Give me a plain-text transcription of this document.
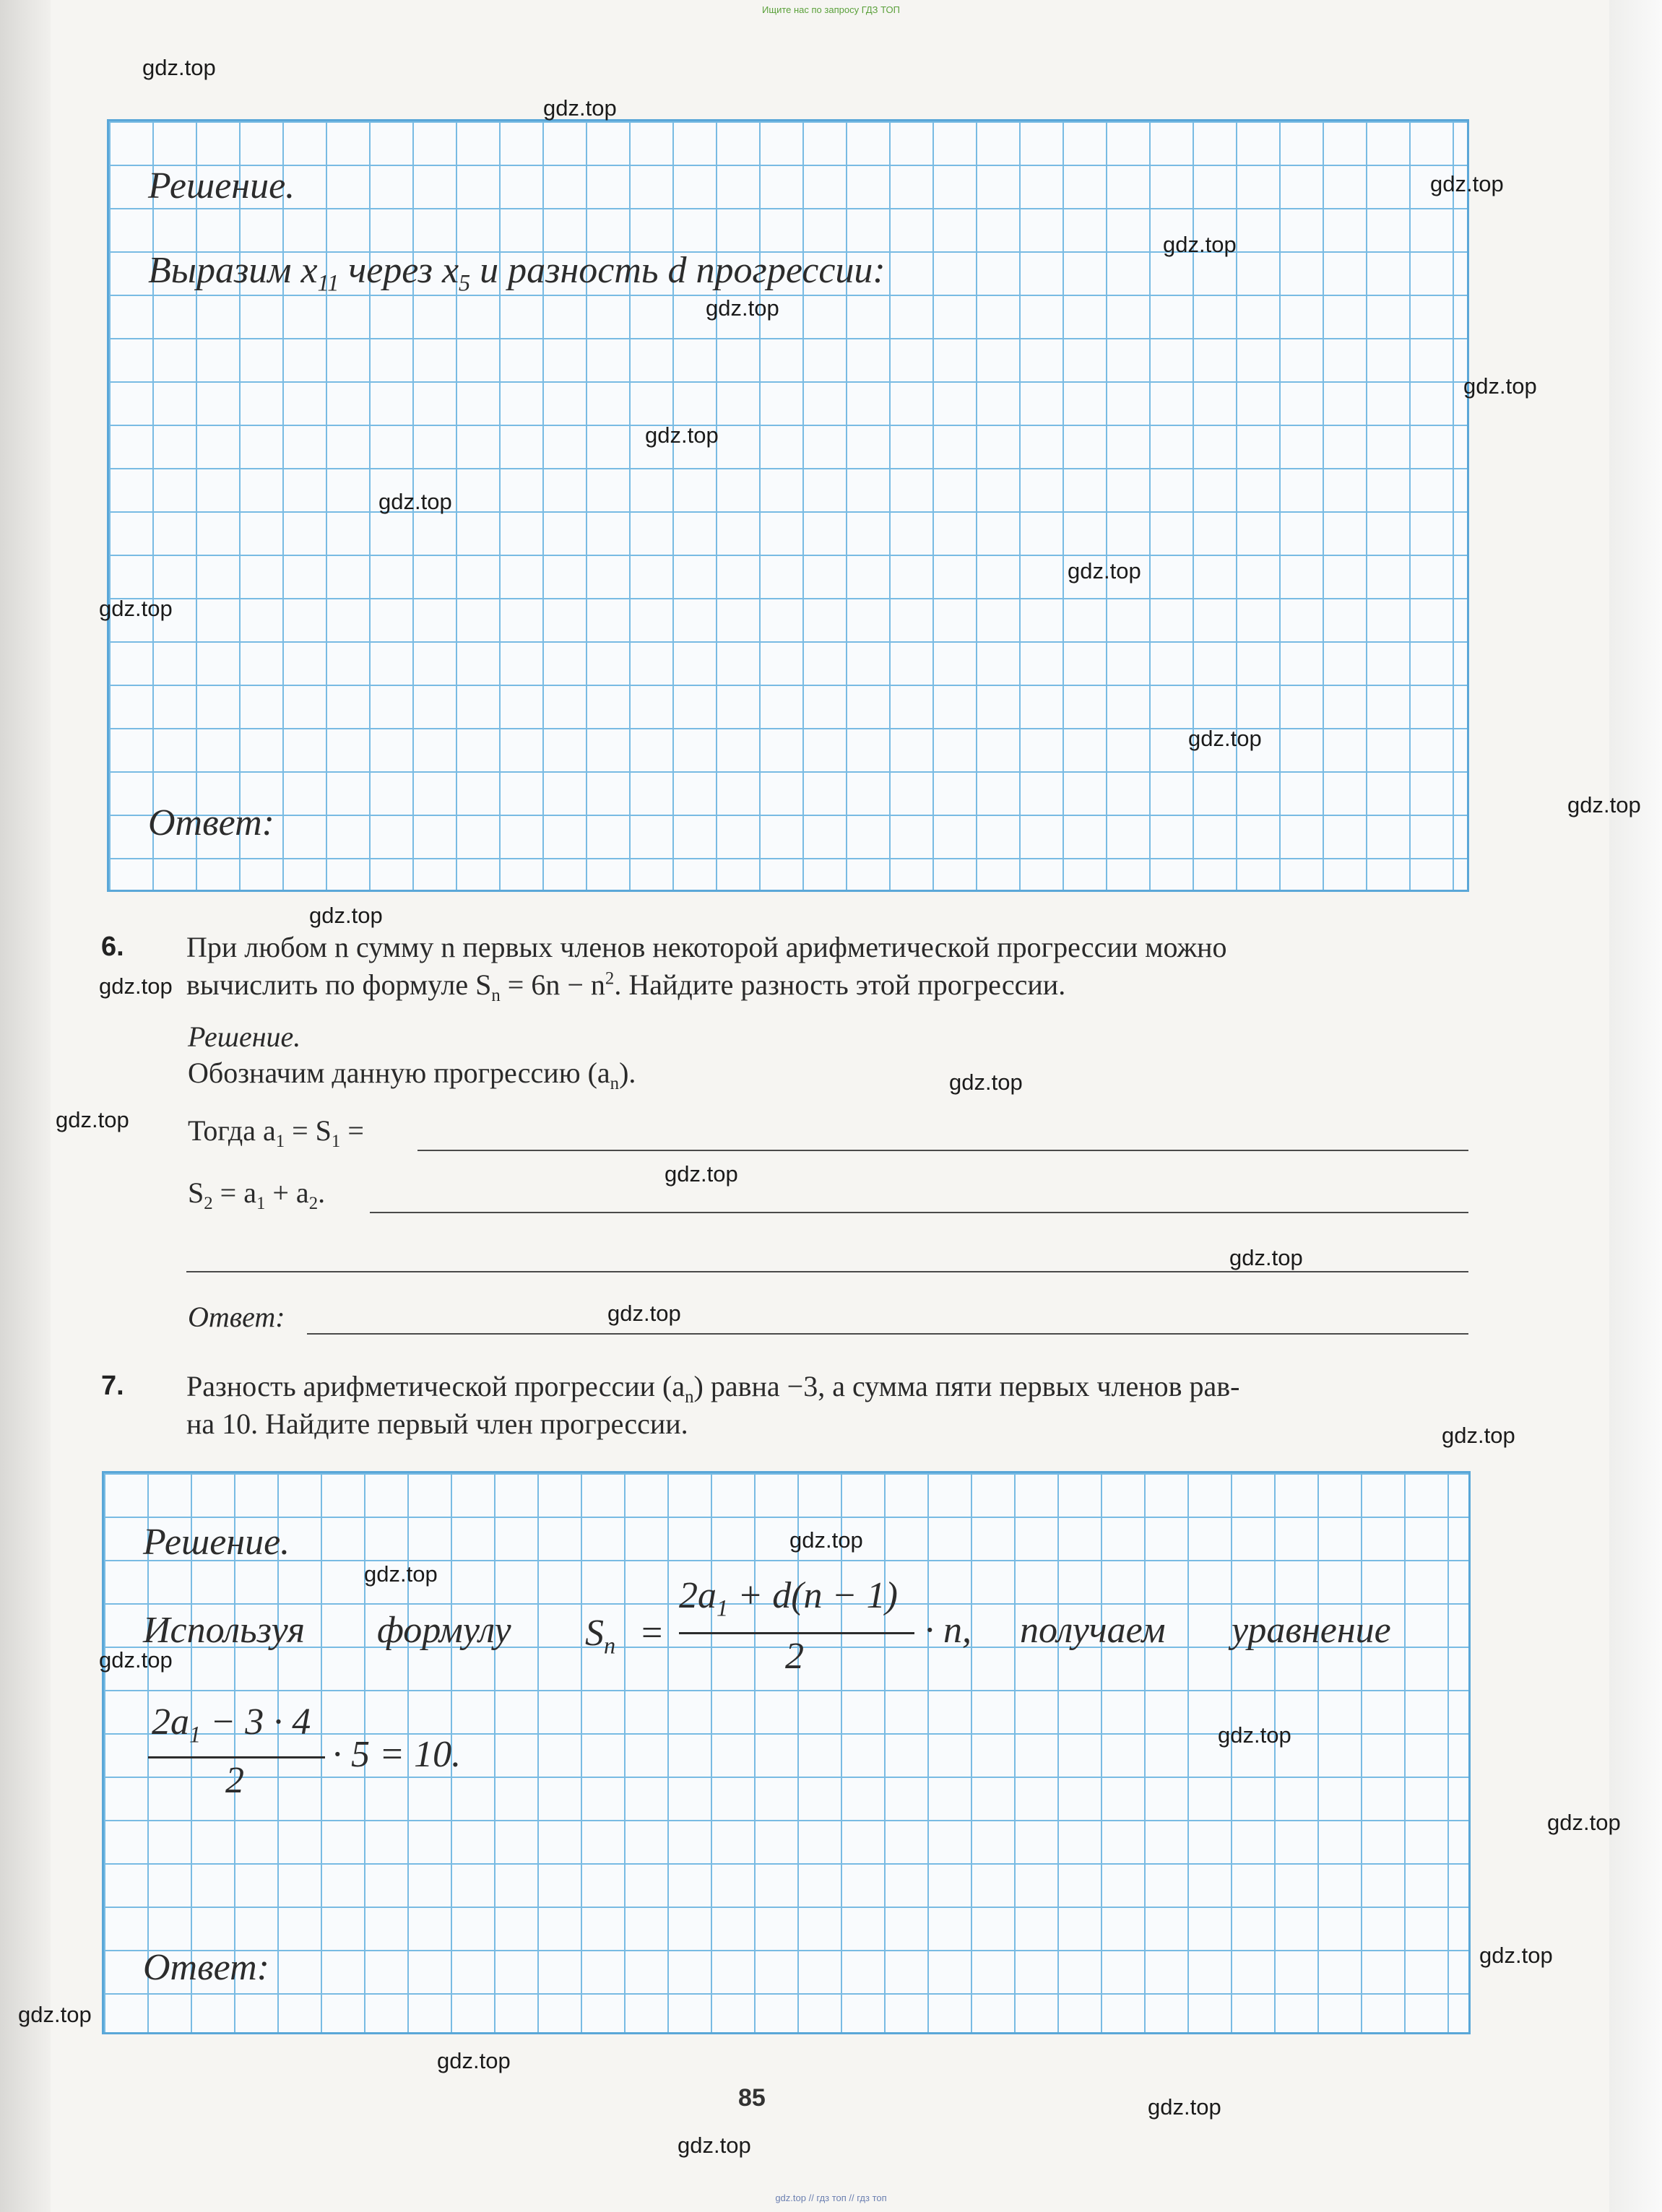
Ищите нас по запросу ГДЗ ТОП
Решение.
Выразим $x_{11}$ через $x_5$ и разность d прогрессии:
Ответ:
6. При любом n сумму n первых членов некоторой арифметической прогрессии можно
вычислить по формуле $S_n = 6n - n^2$. Найдите разность этой прогрессии.
Решение.
Обозначим данную прогрессию $(a_n)$.
Тогда $a_1 = S_1$ =
$S_2 = a_1 + a_2$.
Ответ:
7. Разность арифметической прогрессии $(a_n)$ равна −3, а сумма пяти первых членов рав-
на 10. Найдите первый член прогрессии.
Решение.
Используя формулу $S_n$ =
$2a_1 + d(n - 1)$
2
· n, получаем уравнение
$2a_1 - 3 \cdot 4$
2
· 5 = 10.
Ответ:
85
gdz.top
gdz.top
gdz.top
gdz.top
gdz.top
gdz.top
gdz.top
gdz.top
gdz.top
gdz.top
gdz.top
gdz.top
gdz.top
gdz.top
gdz.top
gdz.top
gdz.top
gdz.top
gdz.top
gdz.top
gdz.top
gdz.top
gdz.top
gdz.top
gdz.top
gdz.top
gdz.top
gdz.top
gdz.top
gdz.top
gdz.top // гдз топ // гдз топ
